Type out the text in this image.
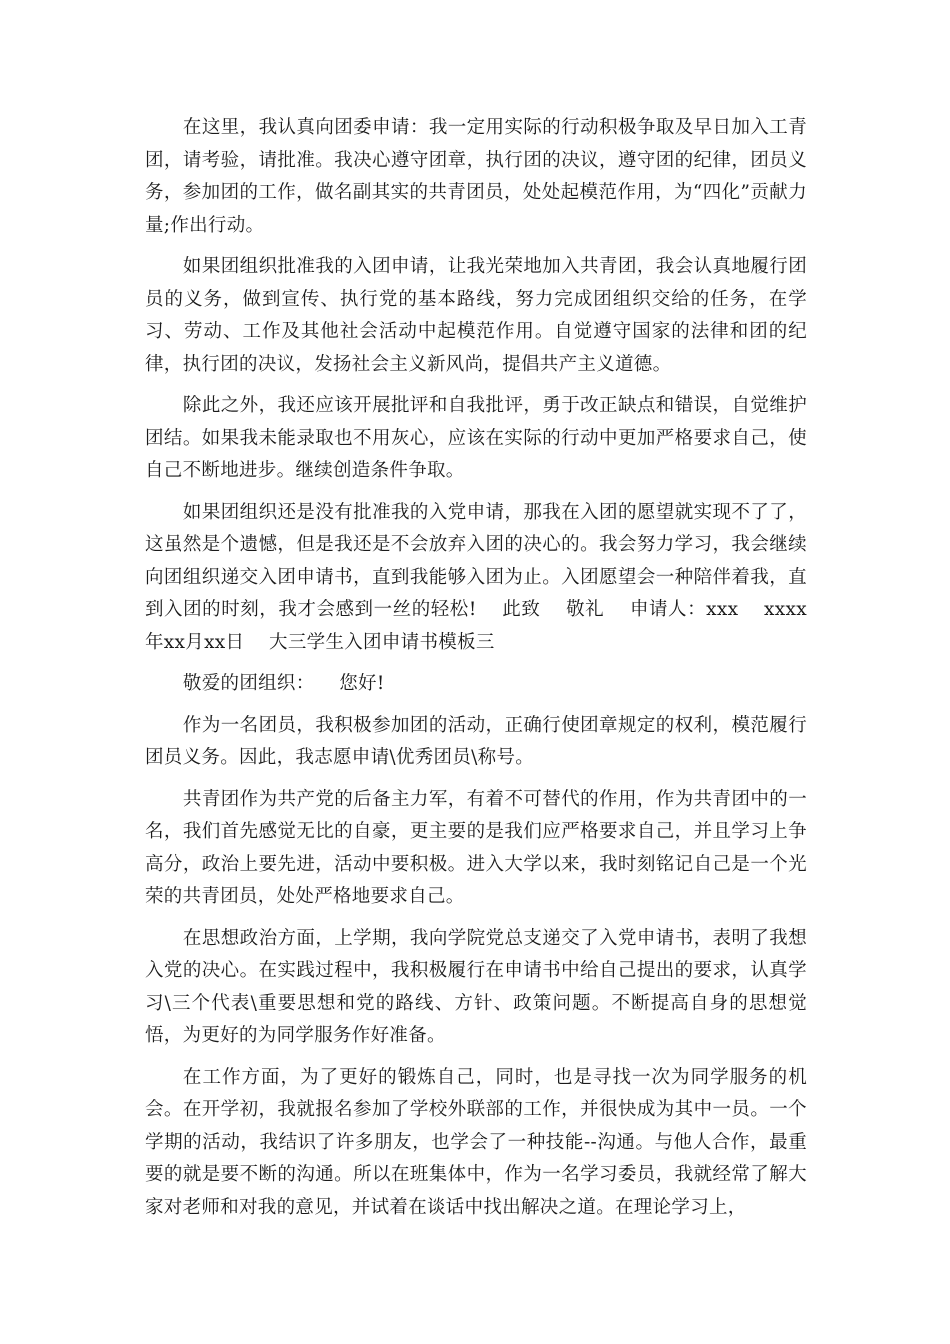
在这里，我认真向团委申请：我一定用实际的行动积极争取及早日加入工青团，请考验，请批准。我决心遵守团章，执行团的决议，遵守团的纪律，团员义务，参加团的工作，做名副其实的共青团员，处处起模范作用，为“四化”贡献力量;作出行动。

如果团组织批准我的入团申请，让我光荣地加入共青团，我会认真地履行团员的义务，做到宣传、执行党的基本路线，努力完成团组织交给的任务，在学习、劳动、工作及其他社会活动中起模范作用。自觉遵守国家的法律和团的纪律，执行团的决议，发扬社会主义新风尚，提倡共产主义道德。

除此之外，我还应该开展批评和自我批评，勇于改正缺点和错误，自觉维护团结。如果我未能录取也不用灰心，应该在实际的行动中更加严格要求自己，使自己不断地进步。继续创造条件争取。

如果团组织还是没有批准我的入党申请，那我在入团的愿望就实现不了了，这虽然是个遗憾，但是我还是不会放弃入团的决心的。我会努力学习，我会继续向团组织递交入团申请书，直到我能够入团为止。入团愿望会一种陪伴着我，直到入团的时刻，我才会感到一丝的轻松!    此致    敬礼    申请人：xxx    xxxx年xx月xx日    大三学生入团申请书模板三

敬爱的团组织：    您好!

作为一名团员，我积极参加团的活动，正确行使团章规定的权利，模范履行团员义务。因此，我志愿申请\优秀团员\称号。

共青团作为共产党的后备主力军，有着不可替代的作用，作为共青团中的一名，我们首先感觉无比的自豪，更主要的是我们应严格要求自己，并且学习上争高分，政治上要先进，活动中要积极。进入大学以来，我时刻铭记自己是一个光荣的共青团员，处处严格地要求自己。

在思想政治方面，上学期，我向学院党总支递交了入党申请书，表明了我想入党的决心。在实践过程中，我积极履行在申请书中给自己提出的要求，认真学习\三个代表\重要思想和党的路线、方针、政策问题。不断提高自身的思想觉悟，为更好的为同学服务作好准备。

在工作方面，为了更好的锻炼自己，同时，也是寻找一次为同学服务的机会。在开学初，我就报名参加了学校外联部的工作，并很快成为其中一员。一个学期的活动，我结识了许多朋友，也学会了一种技能--沟通。与他人合作，最重要的就是要不断的沟通。所以在班集体中，作为一名学习委员，我就经常了解大家对老师和对我的意见，并试着在谈话中找出解决之道。在理论学习上，
